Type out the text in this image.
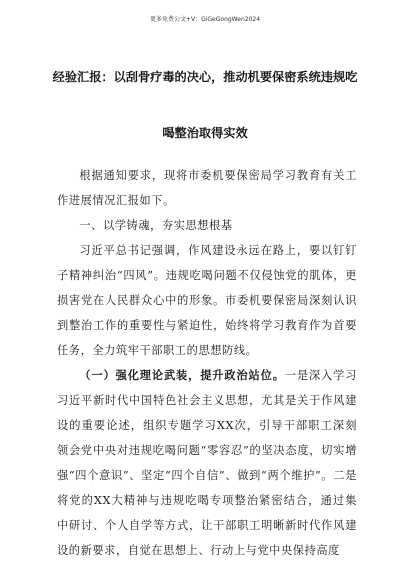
更多免费公文+V：GiGeGongWen2024
经验汇报：以刮骨疗毒的决心，推动机要保密系统违规吃
喝整治取得实效

根据通知要求，现将市委机要保密局学习教育有关工作进展情况汇报如下。

一、以学铸魂，夯实思想根基

习近平总书记强调，作风建设永远在路上，要以钉钉子精神纠治“四风”。违规吃喝问题不仅侵蚀党的肌体，更损害党在人民群众心中的形象。市委机要保密局深刻认识到整治工作的重要性与紧迫性，始终将学习教育作为首要任务，全力筑牢干部职工的思想防线。

（一）强化理论武装，提升政治站位。一是深入学习习近平新时代中国特色社会主义思想，尤其是关于作风建设的重要论述，组织专题学习XX次，引导干部职工深刻领会党中央对违规吃喝问题“零容忍”的坚决态度，切实增强“四个意识”、坚定“四个自信”、做到“两个维护”。二是将党的XX大精神与违规吃喝专项整治紧密结合，通过集中研讨、个人自学等方式，让干部职工明晰新时代作风建设的新要求，自觉在思想上、行动上与党中央保持高度
